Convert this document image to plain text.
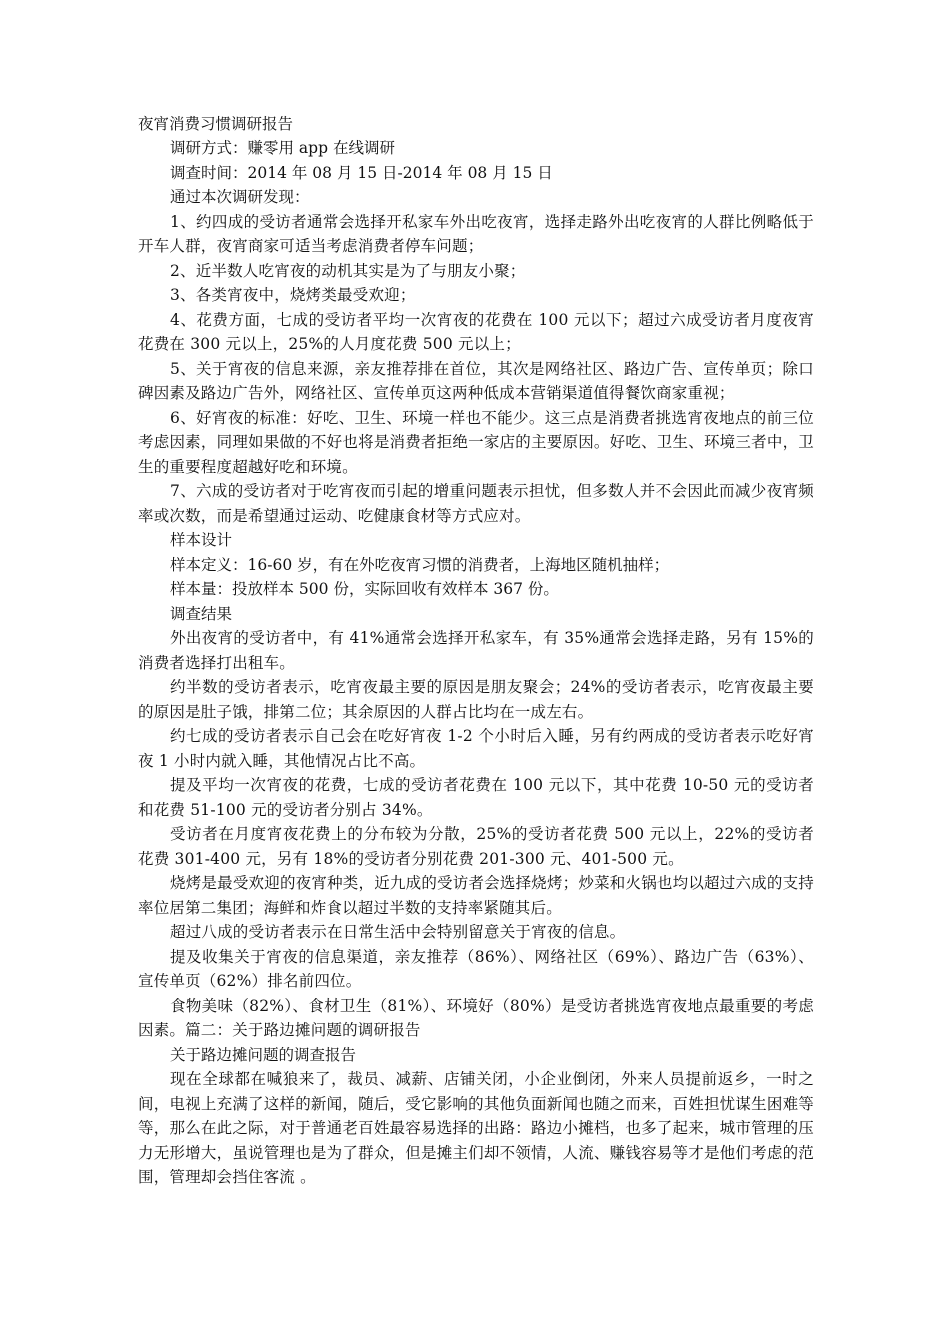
夜宵消费习惯调研报告

调研方式：赚零用 app 在线调研

调查时间：2014 年 08 月 15 日-2014 年 08 月 15 日

通过本次调研发现：

1、约四成的受访者通常会选择开私家车外出吃夜宵，选择走路外出吃夜宵的人群比例略低于开车人群，夜宵商家可适当考虑消费者停车问题；

2、近半数人吃宵夜的动机其实是为了与朋友小聚；

3、各类宵夜中，烧烤类最受欢迎；

4、花费方面，七成的受访者平均一次宵夜的花费在 100 元以下；超过六成受访者月度夜宵花费在 300 元以上，25%的人月度花费 500 元以上；

5、关于宵夜的信息来源，亲友推荐排在首位，其次是网络社区、路边广告、宣传单页；除口碑因素及路边广告外，网络社区、宣传单页这两种低成本营销渠道值得餐饮商家重视；

6、好宵夜的标准：好吃、卫生、环境一样也不能少。这三点是消费者挑选宵夜地点的前三位考虑因素，同理如果做的不好也将是消费者拒绝一家店的主要原因。好吃、卫生、环境三者中，卫生的重要程度超越好吃和环境。

7、六成的受访者对于吃宵夜而引起的增重问题表示担忧，但多数人并不会因此而减少夜宵频率或次数，而是希望通过运动、吃健康食材等方式应对。

样本设计

样本定义：16-60 岁，有在外吃夜宵习惯的消费者，上海地区随机抽样；

样本量：投放样本 500 份，实际回收有效样本 367 份。

调查结果

外出夜宵的受访者中，有 41%通常会选择开私家车，有 35%通常会选择走路，另有 15%的消费者选择打出租车。

约半数的受访者表示，吃宵夜最主要的原因是朋友聚会；24%的受访者表示，吃宵夜最主要的原因是肚子饿，排第二位；其余原因的人群占比均在一成左右。

约七成的受访者表示自己会在吃好宵夜 1-2 个小时后入睡，另有约两成的受访者表示吃好宵夜 1 小时内就入睡，其他情况占比不高。

提及平均一次宵夜的花费，七成的受访者花费在 100 元以下，其中花费 10-50 元的受访者和花费 51-100 元的受访者分别占 34%。

受访者在月度宵夜花费上的分布较为分散，25%的受访者花费 500 元以上，22%的受访者花费 301-400 元，另有 18%的受访者分别花费 201-300 元、401-500 元。

烧烤是最受欢迎的夜宵种类，近九成的受访者会选择烧烤；炒菜和火锅也均以超过六成的支持率位居第二集团；海鲜和炸食以超过半数的支持率紧随其后。

超过八成的受访者表示在日常生活中会特别留意关于宵夜的信息。

提及收集关于宵夜的信息渠道，亲友推荐（86%）、网络社区（69%）、路边广告（63%）、宣传单页（62%）排名前四位。

食物美味（82%）、食材卫生（81%）、环境好（80%）是受访者挑选宵夜地点最重要的考虑因素。篇二：关于路边摊问题的调研报告

关于路边摊问题的调查报告

现在全球都在喊狼来了，裁员、减薪、店铺关闭，小企业倒闭，外来人员提前返乡，一时之间，电视上充满了这样的新闻，随后，受它影响的其他负面新闻也随之而来，百姓担忧谋生困难等等，那么在此之际，对于普通老百姓最容易选择的出路：路边小摊档，也多了起来，城市管理的压力无形增大，虽说管理也是为了群众，但是摊主们却不领情，人流、赚钱容易等才是他们考虑的范围，管理却会挡住客流 。
